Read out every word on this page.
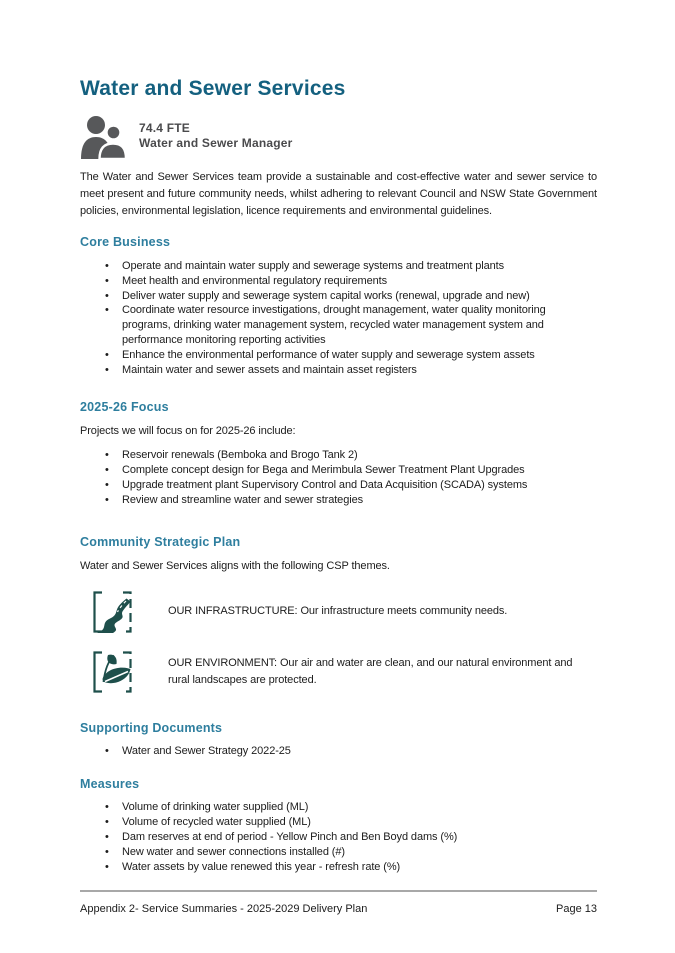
Water and Sewer Services
74.4 FTE
Water and Sewer Manager

The Water and Sewer Services team provide a sustainable and cost-effective water and sewer service to meet present and future community needs, whilst adhering to relevant Council and NSW State Government policies, environmental legislation, licence requirements and environmental guidelines.

Core Business
• Operate and maintain water supply and sewerage systems and treatment plants
• Meet health and environmental regulatory requirements
• Deliver water supply and sewerage system capital works (renewal, upgrade and new)
• Coordinate water resource investigations, drought management, water quality monitoring programs, drinking water management system, recycled water management system and performance monitoring reporting activities
• Enhance the environmental performance of water supply and sewerage system assets
• Maintain water and sewer assets and maintain asset registers
2025-26 Focus

Projects we will focus on for 2025-26 include:

• Reservoir renewals (Bemboka and Brogo Tank 2)
• Complete concept design for Bega and Merimbula Sewer Treatment Plant Upgrades
• Upgrade treatment plant Supervisory Control and Data Acquisition (SCADA) systems
• Review and streamline water and sewer strategies
Community Strategic Plan

Water and Sewer Services aligns with the following CSP themes.

OUR INFRASTRUCTURE: Our infrastructure meets community needs.
OUR ENVIRONMENT: Our air and water are clean, and our natural environment and rural landscapes are protected.
Supporting Documents
• Water and Sewer Strategy 2022-25
Measures
• Volume of drinking water supplied (ML)
• Volume of recycled water supplied (ML)
• Dam reserves at end of period - Yellow Pinch and Ben Boyd dams (%)
• New water and sewer connections installed (#)
• Water assets by value renewed this year - refresh rate (%)
Appendix 2- Service Summaries - 2025-2029 Delivery Plan	Page 13
